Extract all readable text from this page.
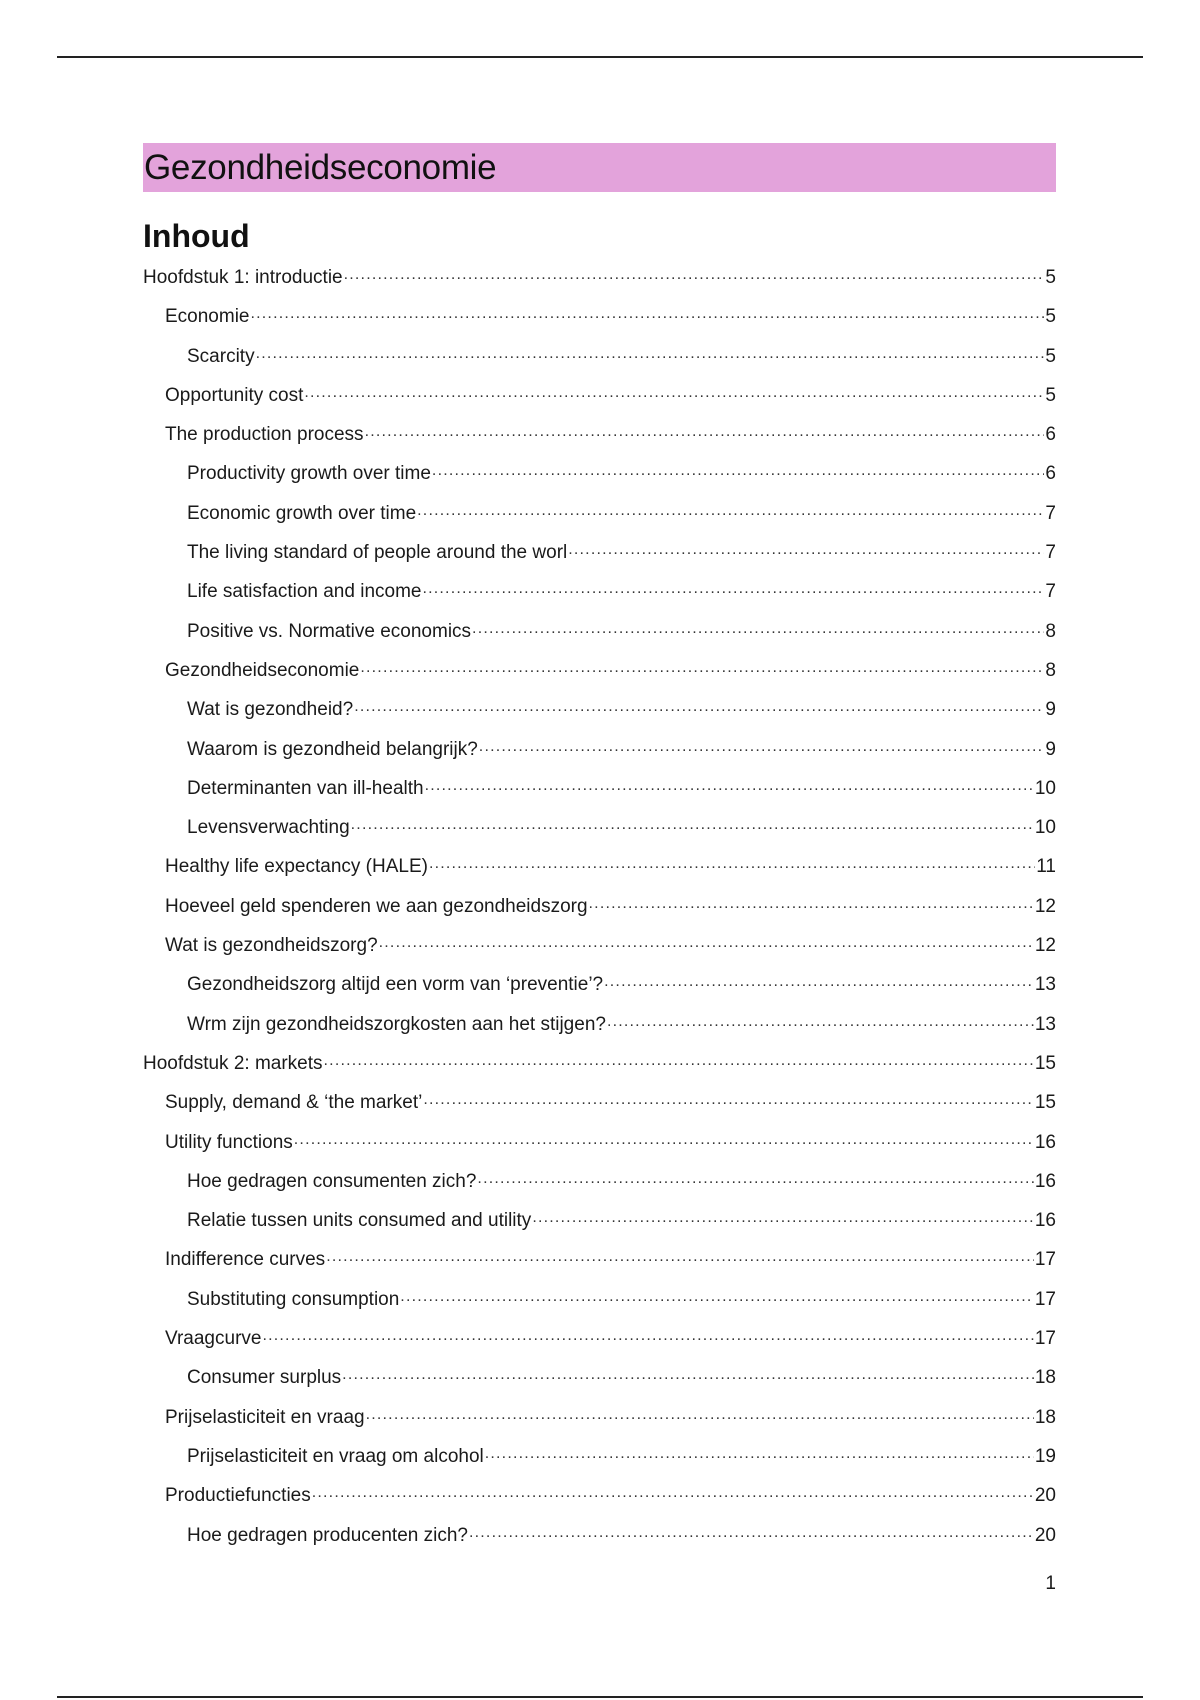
Gezondheidseconomie
Inhoud
Hoofdstuk 1: introductie .....	5
Economie .....	5
Scarcity .....	5
Opportunity cost .....	5
The production process .....	6
Productivity growth over time .....	6
Economic growth over time .....	7
The living standard of people around the worl .....	7
Life satisfaction and income .....	7
Positive vs. Normative economics .....	8
Gezondheidseconomie .....	8
Wat is gezondheid? .....	9
Waarom is gezondheid belangrijk? .....	9
Determinanten van ill-health .....	10
Levensverwachting .....	10
Healthy life expectancy (HALE) .....	11
Hoeveel geld spenderen we aan gezondheidszorg .....	12
Wat is gezondheidszorg? .....	12
Gezondheidszorg altijd een vorm van ‘preventie’? .....	13
Wrm zijn gezondheidszorgkosten aan het stijgen? .....	13
Hoofdstuk 2: markets .....	15
Supply, demand & ‘the market’ .....	15
Utility functions .....	16
Hoe gedragen consumenten zich? .....	16
Relatie tussen units consumed and utility .....	16
Indifference curves .....	17
Substituting consumption .....	17
Vraagcurve .....	17
Consumer surplus .....	18
Prijselasticiteit en vraag .....	18
Prijselasticiteit en vraag om alcohol .....	19
Productiefuncties .....	20
Hoe gedragen producenten zich? .....	20
1
